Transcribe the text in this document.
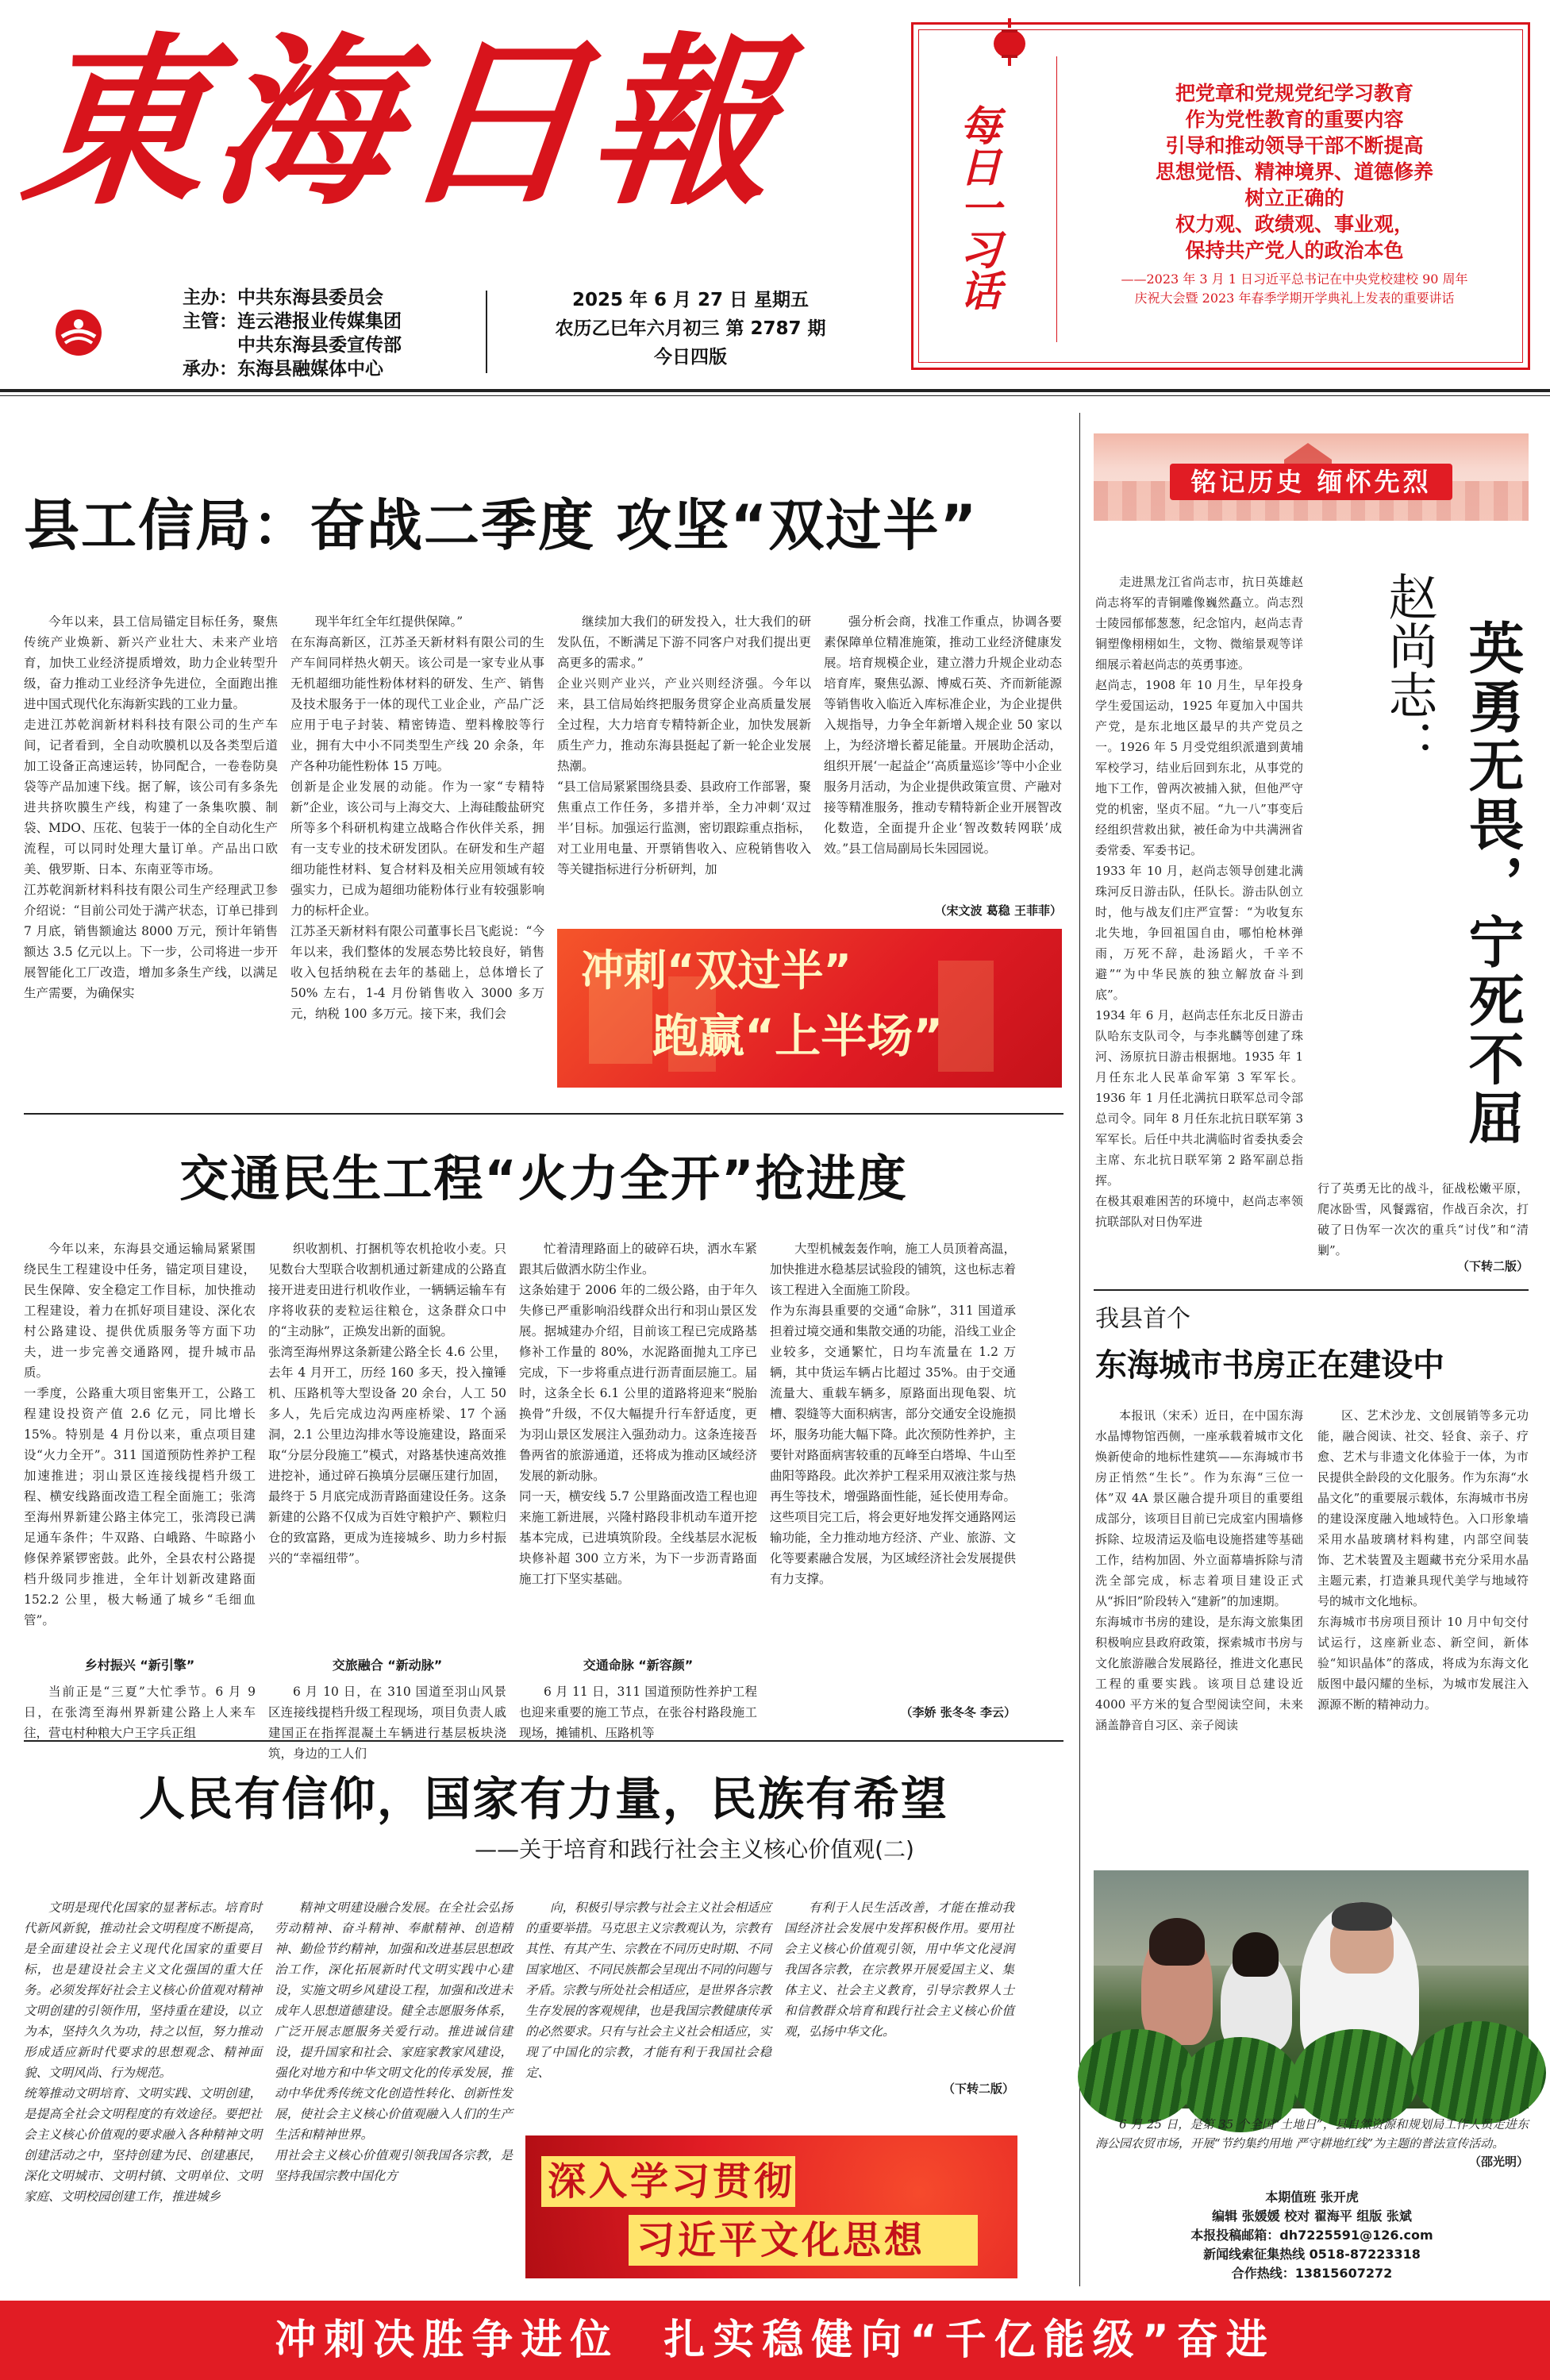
東海日報
主办：中共东海县委员会
主管：连云港报业传媒集团
　　　中共东海县委宣传部
承办：东海县融媒体中心
2025 年 6 月 27 日 星期五
农历乙巳年六月初三 第 2787 期
今日四版
每日一习话
把党章和党规党纪学习教育
作为党性教育的重要内容
引导和推动领导干部不断提高
思想觉悟、精神境界、道德修养
树立正确的
权力观、政绩观、事业观，
保持共产党人的政治本色
——2023 年 3 月 1 日习近平总书记在中央党校建校 90 周年
庆祝大会暨 2023 年春季学期开学典礼上发表的重要讲话
县工信局：奋战二季度 攻坚“双过半”
今年以来，县工信局锚定目标任务，聚焦传统产业焕新、新兴产业壮大、未来产业培育，加快工业经济提质增效，助力企业转型升级，奋力推动工业经济争先进位，全面跑出推进中国式现代化东海新实践的工业力量。
走进江苏乾润新材料科技有限公司的生产车间，记者看到，全自动吹膜机以及各类型后道加工设备正高速运转，协同配合，一卷卷防臭袋等产品加速下线。据了解，该公司有多条先进共挤吹膜生产线，构建了一条集吹膜、制袋、MDO、压花、包装于一体的全自动化生产流程，可以同时处理大量订单。产品出口欧美、俄罗斯、日本、东南亚等市场。
江苏乾润新材料科技有限公司生产经理武卫参介绍说：“目前公司处于满产状态，订单已排到 7 月底，销售额逾达 8000 万元，预计年销售额达 3.5 亿元以上。下一步，公司将进一步开展智能化工厂改造，增加多条生产线，以满足生产需要，为确保实
现半年红全年红提供保障。”
在东海高新区，江苏圣天新材料有限公司的生产车间同样热火朝天。该公司是一家专业从事无机超细功能性粉体材料的研发、生产、销售及技术服务于一体的现代工业企业，产品广泛应用于电子封装、精密铸造、塑料橡胶等行业，拥有大中小不同类型生产线 20 余条，年产各种功能性粉体 15 万吨。
创新是企业发展的动能。作为一家“专精特新”企业，该公司与上海交大、上海硅酸盐研究所等多个科研机构建立战略合作伙伴关系，拥有一支专业的技术研发团队。在研发和生产超细功能性材料、复合材料及相关应用领域有较强实力，已成为超细功能粉体行业有较强影响力的标杆企业。
江苏圣天新材料有限公司董事长吕飞彪说：“今年以来，我们整体的发展态势比较良好，销售收入包括纳税在去年的基础上，总体增长了 50% 左右，1-4 月份销售收入 3000 多万元，纳税 100 多万元。接下来，我们会
继续加大我们的研发投入，壮大我们的研发队伍，不断满足下游不同客户对我们提出更高更多的需求。”
企业兴则产业兴，产业兴则经济强。今年以来，县工信局始终把服务贯穿企业高质量发展全过程，大力培育专精特新企业，加快发展新质生产力，推动东海县挺起了新一轮企业发展热潮。
“县工信局紧紧围绕县委、县政府工作部署，聚焦重点工作任务，多措并举，全力冲刺‘双过半’目标。加强运行监测，密切跟踪重点指标，对工业用电量、开票销售收入、应税销售收入等关键指标进行分析研判，加
强分析会商，找准工作重点，协调各要素保障单位精准施策，推动工业经济健康发展。培育规模企业，建立潜力升规企业动态培育库，聚焦弘源、博威石英、齐而新能源等销售收入临近入库标准企业，为企业提供入规指导，力争全年新增入规企业 50 家以上，为经济增长蓄足能量。开展助企活动，组织开展‘一起益企’‘高质量巡诊’等中小企业服务月活动，为企业提供政策宣贯、产融对接等精准服务，推动专精特新企业开展智改化数造，全面提升企业‘智改数转网联’成效。”县工信局副局长朱园园说。
（宋文波 葛稳 王菲菲）
冲刺“双过半”
跑赢“上半场”
交通民生工程“火力全开”抢进度
今年以来，东海县交通运输局紧紧围绕民生工程建设中任务，锚定项目建设，民生保障、安全稳定工作目标，加快推动工程建设，着力在抓好项目建设、深化农村公路建设、提供优质服务等方面下功夫，进一步完善交通路网，提升城市品质。
一季度，公路重大项目密集开工，公路工程建设投资产值 2.6 亿元，同比增长 15%。特别是 4 月份以来，重点项目建设“火力全开”。311 国道预防性养护工程加速推进；羽山景区连接线提档升级工程、横安线路面改造工程全面施工；张湾至海州界新建公路主体完工，张湾段已满足通车条件；牛双路、白峨路、牛晾路小修保养紧锣密鼓。此外，全县农村公路提档升级同步推进，全年计划新改建路面 152.2 公里，极大畅通了城乡“毛细血管”。
乡村振兴 “新引擎”
当前正是“三夏”大忙季节。6 月 9 日，在张湾至海州界新建公路上人来车往，营屯村种粮大户王字兵正组
织收割机、打捆机等农机抢收小麦。只见数台大型联合收割机通过新建成的公路直接开进麦田进行机收作业，一辆辆运输车有序将收获的麦粒运往粮仓，这条群众口中的“主动脉”，正焕发出新的面貌。
张湾至海州界这条新建公路全长 4.6 公里，去年 4 月开工，历经 160 多天，投入撞锤机、压路机等大型设备 20 余台，人工 50 多人，先后完成边沟两座桥梁、17 个涵洞，2.1 公里边沟排水等设施建设，路面采取“分层分段施工”模式，对路基快速高效推进挖补，通过碎石换填分层碾压建行加固，最终于 5 月底完成沥青路面建设任务。这条新建的公路不仅成为百姓守粮护产、颗粒归仓的致富路，更成为连接城乡、助力乡村振兴的“幸福纽带”。
交旅融合 “新动脉”
6 月 10 日，在 310 国道至羽山风景区连接线提档升级工程现场，项目负责人戚建国正在指挥混凝土车辆进行基层板块浇筑，身边的工人们
忙着清理路面上的破碎石块，洒水车紧跟其后做洒水防尘作业。
这条始建于 2006 年的二级公路，由于年久失修已严重影响沿线群众出行和羽山景区发展。据城建办介绍，目前该工程已完成路基修补工作量的 80%，水泥路面抛丸工序已完成，下一步将重点进行沥青面层施工。届时，这条全长 6.1 公里的道路将迎来“脱胎换骨”升级，不仅大幅提升行车舒适度，更为羽山景区发展注入强劲动力。这条连接吾鲁两省的旅游通道，还将成为推动区域经济发展的新动脉。
同一天，横安线 5.7 公里路面改造工程也迎来施工新进展，兴隆村路段非机动车道开挖基本完成，已进填筑阶段。全线基层水泥板块修补超 300 立方米，为下一步沥青路面施工打下坚实基础。
交通命脉 “新容颜”
6 月 11 日，311 国道预防性养护工程也迎来重要的施工节点，在张谷村路段施工现场，摊铺机、压路机等
大型机械轰轰作响，施工人员顶着高温，加快推进水稳基层试验段的铺筑，这也标志着该工程进入全面施工阶段。
作为东海县重要的交通“命脉”，311 国道承担着过境交通和集散交通的功能，沿线工业企业较多，交通繁忙，日均车流量在 1.2 万辆，其中货运车辆占比超过 35%。由于交通流量大、重载车辆多，原路面出现龟裂、坑槽、裂缝等大面积病害，部分交通安全设施损坏，服务功能大幅下降。此次预防性养护，主要针对路面病害较重的瓦峰至白塔埠、牛山至曲阳等路段。此次养护工程采用双液注浆与热再生等技术，增强路面性能，延长使用寿命。
这些项目完工后，将会更好地发挥交通路网运输功能，全力推动地方经济、产业、旅游、文化等要素融合发展，为区域经济社会发展提供有力支撑。
（李娇 张冬冬 李云）
人民有信仰，国家有力量，民族有希望
——关于培育和践行社会主义核心价值观(二)
文明是现代化国家的显著标志。培育时代新风新貌，推动社会文明程度不断提高，是全面建设社会主义现代化国家的重要目标，也是建设社会主义文化强国的重大任务。必须发挥好社会主义核心价值观对精神文明创建的引领作用，坚持重在建设，以立为本，坚持久久为功，持之以恒，努力推动形成适应新时代要求的思想观念、精神面貌、文明风尚、行为规范。
统筹推动文明培育、文明实践、文明创建，是提高全社会文明程度的有效途径。要把社会主义核心价值观的要求融入各种精神文明创建活动之中，坚持创建为民、创建惠民，深化文明城市、文明村镇、文明单位、文明家庭、文明校园创建工作，推进城乡
精神文明建设融合发展。在全社会弘扬劳动精神、奋斗精神、奉献精神、创造精神、勤俭节约精神，加强和改进基层思想政治工作，深化拓展新时代文明实践中心建设，实施文明乡风建设工程，加强和改进未成年人思想道德建设。健全志愿服务体系，广泛开展志愿服务关爱行动。推进诚信建设，提升国家和社会、家庭家教家风建设，强化对地方和中华文明文化的传承发展，推动中华优秀传统文化创造性转化、创新性发展，使社会主义核心价值观融入人们的生产生活和精神世界。
用社会主义核心价值观引领我国各宗教，是坚持我国宗教中国化方
向，积极引导宗教与社会主义社会相适应的重要举措。马克思主义宗教观认为，宗教有其性、有其产生、宗教在不同历史时期、不同国家地区、不同民族都会呈现出不同的问题与矛盾。宗教与所处社会相适应，是世界各宗教生存发展的客观规律，也是我国宗教健康传承的必然要求。只有与社会主义社会相适应，实现了中国化的宗教，才能有利于我国社会稳定、
有利于人民生活改善，才能在推动我国经济社会发展中发挥积极作用。要用社会主义核心价值观引领，用中华文化浸润我国各宗教，在宗教界开展爱国主义、集体主义、社会主义教育，引导宗教界人士和信教群众培育和践行社会主义核心价值观，弘扬中华文化。
（下转二版）
深入学习贯彻
习近平文化思想
铭记历史 缅怀先烈
走进黑龙江省尚志市，抗日英雄赵尚志将军的青铜雕像巍然矗立。尚志烈士陵园郁郁葱葱，纪念馆内，赵尚志青铜塑像栩栩如生，文物、微缩景观等详细展示着赵尚志的英勇事迹。
赵尚志，1908 年 10 月生，早年投身学生爱国运动，1925 年夏加入中国共产党，是东北地区最早的共产党员之一。1926 年 5 月受党组织派遣到黄埔军校学习，结业后回到东北，从事党的地下工作，曾两次被捕入狱，但他严守党的机密，坚贞不屈。“九一八”事变后经组织营救出狱，被任命为中共满洲省委常委、军委书记。
1933 年 10 月，赵尚志领导创建北满珠河反日游击队，任队长。游击队创立时，他与战友们庄严宣誓：“为收复东北失地，争回祖国自由，哪怕枪林弹雨，万死不辞，赴汤蹈火，千辛不避”“为中华民族的独立解放奋斗到底”。
1934 年 6 月，赵尚志任东北反日游击队哈东支队司令，与李兆麟等创建了珠河、汤原抗日游击根据地。1935 年 1 月任东北人民革命军第 3 军军长。1936 年 1 月任北满抗日联军总司令部总司令。同年 8 月任东北抗日联军第 3 军军长。后任中共北满临时省委执委会主席、东北抗日联军第 2 路军副总指挥。
在极其艰难困苦的环境中，赵尚志率领抗联部队对日伪军进
赵尚志： 英勇无畏，宁死不屈
行了英勇无比的战斗，征战松嫩平原，爬冰卧雪，风餐露宿，作战百余次，打破了日伪军一次次的重兵“讨伐”和“清剿”。
（下转二版）
我县首个
东海城市书房正在建设中
本报讯（宋禾）近日，在中国东海水晶博物馆西侧，一座承载着城市文化焕新使命的地标性建筑——东海城市书房正悄然“生长”。作为东海“三位一体”双 4A 景区融合提升项目的重要组成部分，该项目目前已完成室内围墙修拆除、垃圾清运及临电设施搭建等基础工作，结构加固、外立面幕墙拆除与清洗全部完成，标志着项目建设正式从“拆旧”阶段转入“建新”的加速期。
东海城市书房的建设，是东海文旅集团积极响应县政府政策，探索城市书房与文化旅游融合发展路径，推进文化惠民工程的重要实践。该项目总建设近 4000 平方米的复合型阅读空间，未来涵盖静音自习区、亲子阅读
区、艺术沙龙、文创展销等多元功能，融合阅读、社交、轻食、亲子、疗愈、艺术与非遗文化体验于一体，为市民提供全龄段的文化服务。作为东海“水晶文化”的重要展示载体，东海城市书房的建设深度融入地域特色。入口形象墙采用水晶玻璃材料构建，内部空间装饰、艺术装置及主题藏书充分采用水晶主题元素，打造兼具现代美学与地域符号的城市文化地标。
东海城市书房项目预计 10 月中旬交付试运行，这座新业态、新空间，新体验“知识晶体”的落成，将成为东海文化版图中最闪耀的坐标，为城市发展注入源源不断的精神动力。
6 月 25 日，是第 35 个全国“土地日”，县自然资源和规划局工作人员走进东海公园农贸市场，开展“节约集约用地 严守耕地红线”为主题的普法宣传活动。
（邵光明）
本期值班 张开虎
编辑 张媛媛 校对 翟海平 组版 张斌
本报投稿邮箱：dh7225591@126.com
新闻线索征集热线 0518-87223318
合作热线：13815607272
冲刺决胜争进位  扎实稳健向“千亿能级”奋进
